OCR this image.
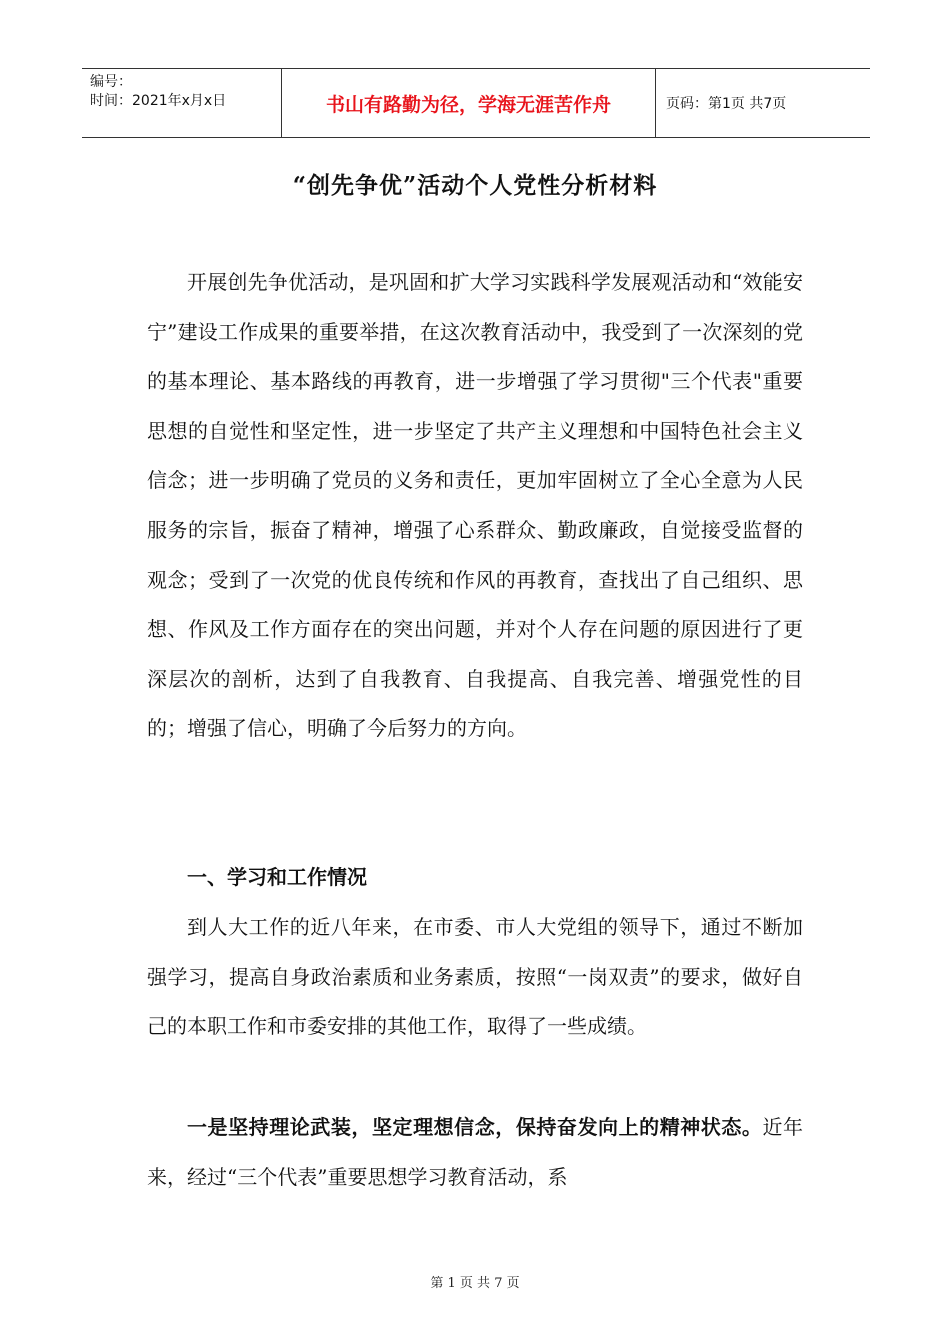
编号：
时间：2021年x月x日	书山有路勤为径，学海无涯苦作舟	页码：第1页 共7页
“创先争优”活动个人党性分析材料

开展创先争优活动，是巩固和扩大学习实践科学发展观活动和“效能安宁”建设工作成果的重要举措，在这次教育活动中，我受到了一次深刻的党的基本理论、基本路线的再教育，进一步增强了学习贯彻"三个代表"重要思想的自觉性和坚定性，进一步坚定了共产主义理想和中国特色社会主义信念；进一步明确了党员的义务和责任，更加牢固树立了全心全意为人民服务的宗旨，振奋了精神，增强了心系群众、勤政廉政，自觉接受监督的观念；受到了一次党的优良传统和作风的再教育，查找出了自己组织、思想、作风及工作方面存在的突出问题，并对个人存在问题的原因进行了更深层次的剖析，达到了自我教育、自我提高、自我完善、增强党性的目的；增强了信心，明确了今后努力的方向。

一、学习和工作情况

到人大工作的近八年来，在市委、市人大党组的领导下，通过不断加强学习，提高自身政治素质和业务素质，按照“一岗双责”的要求，做好自己的本职工作和市委安排的其他工作，取得了一些成绩。

一是坚持理论武装，坚定理想信念，保持奋发向上的精神状态。近年来，经过“三个代表”重要思想学习教育活动，系

第 1 页 共 7 页
